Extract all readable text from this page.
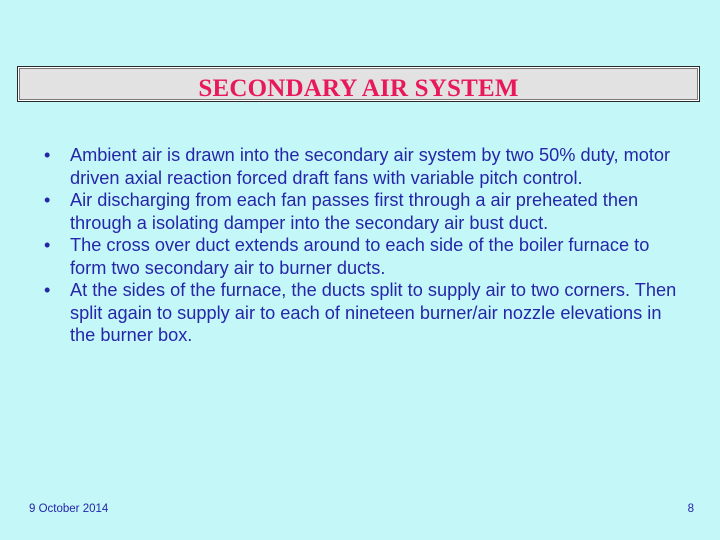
SECONDARY AIR SYSTEM
• Ambient air is drawn into the secondary air system by two 50% duty, motor driven axial reaction forced draft fans with variable pitch control.
• Air discharging from each fan passes first through a air preheated then through a isolating damper into the secondary air bust duct.
• The cross over duct extends around to each side of the boiler furnace to form two secondary air to burner ducts.
• At the sides of the furnace, the ducts split to supply air to two corners. Then split again to supply air to each of nineteen burner/air nozzle elevations in the burner box.
9 October 2014	8
